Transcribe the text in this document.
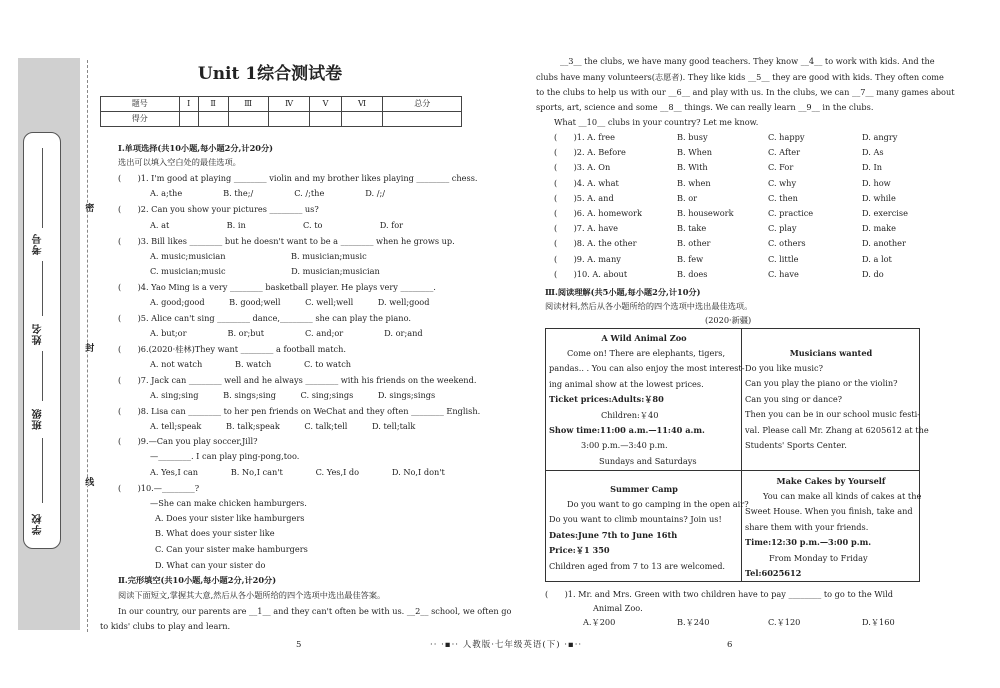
学校
班级
姓名
考号
密
封
线
Unit 1综合测试卷
题号	Ⅰ	Ⅱ	Ⅲ	Ⅳ	Ⅴ	Ⅵ	总分
得分							
Ⅰ.单项选择(共10小题,每小题2分,计20分)
选出可以填入空白处的最佳选项。
(　　)1. I'm good at playing ________ violin and my brother likes playing ________ chess.
A. a;the　　　　　B. the;/　　　　　C. /;the　　　　　D. /;/
(　　)2. Can you show your pictures ________ us?
A. at　　　　　　　B. in　　　　　　　C. to　　　　　　　D. for
(　　)3. Bill likes ________ but he doesn't want to be a ________ when he grows up.
A. music;musician　　　　　　　　B. musician;music
C. musician;music　　　　　　　　D. musician;musician
(　　)4. Yao Ming is a very ________ basketball player. He plays very ________.
A. good;good　　　B. good;well　　　C. well;well　　　D. well;good
(　　)5. Alice can't sing ________ dance,________ she can play the piano.
A. but;or　　　　　B. or;but　　　　　C. and;or　　　　　D. or;and
(　　)6.(2020·桂林)They want ________ a football match.
A. not watch　　　　B. watch　　　　C. to watch
(　　)7. Jack can ________ well and he always ________ with his friends on the weekend.
A. sing;sing　　　B. sings;sing　　　C. sing;sings　　　D. sings;sings
(　　)8. Lisa can ________ to her pen friends on WeChat and they often ________ English.
A. tell;speak　　　B. talk;speak　　　C. talk;tell　　　D. tell;talk
(　　)9.—Can you play soccer,Jill?
—________. I can play ping-pong,too.
A. Yes,I can　　　　B. No,I can't　　　　C. Yes,I do　　　　D. No,I don't
(　　)10.—________?
—She can make chicken hamburgers.
A. Does your sister like hamburgers
B. What does your sister like
C. Can your sister make hamburgers
D. What can your sister do
Ⅱ.完形填空(共10小题,每小题2分,计20分)
阅读下面短文,掌握其大意,然后从各小题所给的四个选项中选出最佳答案。
In our country, our parents are __1__ and they can't often be with us. __2__ school, we often go
to kids' clubs to play and learn.
__3__ the clubs, we have many good teachers. They know __4__ to work with kids. And the
clubs have many volunteers(志愿者). They like kids __5__ they are good with kids. They often come
to the clubs to help us with our __6__ and play with us. In the clubs, we can __7__ many games about
sports, art, science and some __8__ things. We can really learn __9__ in the clubs.
What __10__ clubs in your country? Let me know.
(　　)1. A. free	B. busy	C. happy	D. angry
(　　)2. A. Before	B. When	C. After	D. As
(　　)3. A. On	B. With	C. For	D. In
(　　)4. A. what	B. when	C. why	D. how
(　　)5. A. and	B. or	C. then	D. while
(　　)6. A. homework	B. housework	C. practice	D. exercise
(　　)7. A. have	B. take	C. play	D. make
(　　)8. A. the other	B. other	C. others	D. another
(　　)9. A. many	B. few	C. little	D. a lot
(　　)10. A. about	B. does	C. have	D. do
Ⅲ.阅读理解(共5小题,每小题2分,计10分)
阅读材料,然后从各小题所给的四个选项中选出最佳选项。
(2020·新疆)
A Wild Animal Zoo
Come on! There are elephants, tigers,
pandas.. . You can also enjoy the most interest-
ing animal show at the lowest prices.
Ticket prices:Adults:￥80
Children:￥40
Show time:11:00 a.m.—11:40 a.m.
3:00 p.m.—3:40 p.m.
Sundays and Saturdays
Musicians wanted
Do you like music?
Can you play the piano or the violin?
Can you sing or dance?
Then you can be in our school music festi-
val. Please call Mr. Zhang at 6205612 at the
Students' Sports Center.
Summer Camp
Do you want to go camping in the open air?
Do you want to climb mountains? Join us!
Dates:June 7th to June 16th
Price:￥1 350
Children aged from 7 to 13 are welcomed.
Make Cakes by Yourself
You can make all kinds of cakes at the
Sweet House. When you finish, take and
share them with your friends.
Time:12:30 p.m.—3:00 p.m.
From Monday to Friday
Tel:6025612
(　　)1. Mr. and Mrs. Green with two children have to pay ________ to go to the Wild
Animal Zoo.
A.￥200	B.￥240	C.￥120	D.￥160
5	·· ·▪·· 人教版·七年级英语(下) ·▪··	6
